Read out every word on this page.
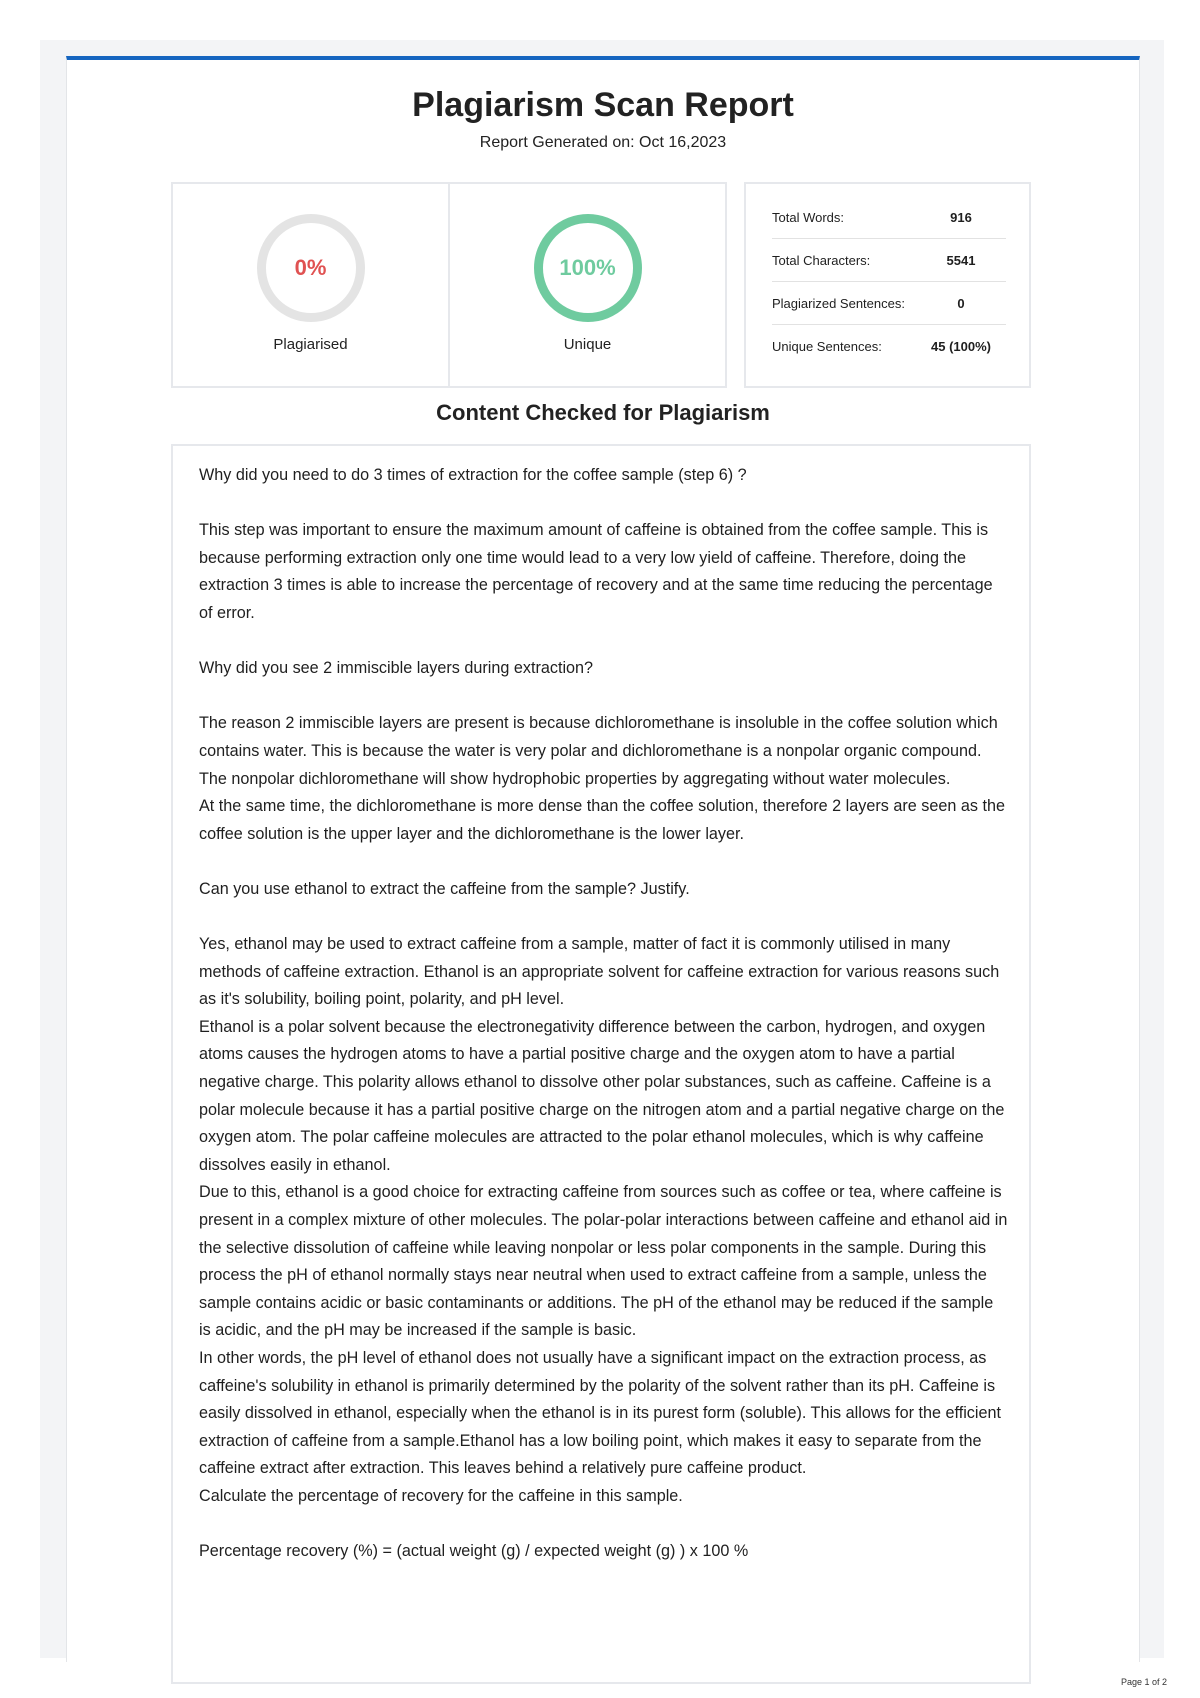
Plagiarism Scan Report
Report Generated on: Oct 16,2023
0%
Plagiarised
100%
Unique
Total Words:	916
Total Characters:	5541
Plagiarized Sentences:	0
Unique Sentences:	45 (100%)
Content Checked for Plagiarism

Why did you need to do 3 times of extraction for the coffee sample (step 6) ?

This step was important to ensure the maximum amount of caffeine is obtained from the coffee sample. This is because performing extraction only one time would lead to a very low yield of caffeine. Therefore, doing the extraction 3 times is able to increase the percentage of recovery and at the same time reducing the percentage of error.

Why did you see 2 immiscible layers during extraction?

The reason 2 immiscible layers are present is because dichloromethane is insoluble in the coffee solution which contains water. This is because the water is very polar and dichloromethane is a nonpolar organic compound. The nonpolar dichloromethane will show hydrophobic properties by aggregating without water molecules.

At the same time, the dichloromethane is more dense than the coffee solution, therefore 2 layers are seen as the coffee solution is the upper layer and the dichloromethane is the lower layer.

Can you use ethanol to extract the caffeine from the sample? Justify.

Yes, ethanol may be used to extract caffeine from a sample, matter of fact it is commonly utilised in many methods of caffeine extraction. Ethanol is an appropriate solvent for caffeine extraction for various reasons such as it's solubility, boiling point, polarity, and pH level.

Ethanol is a polar solvent because the electronegativity difference between the carbon, hydrogen, and oxygen atoms causes the hydrogen atoms to have a partial positive charge and the oxygen atom to have a partial negative charge. This polarity allows ethanol to dissolve other polar substances, such as caffeine. Caffeine is a polar molecule because it has a partial positive charge on the nitrogen atom and a partial negative charge on the oxygen atom. The polar caffeine molecules are attracted to the polar ethanol molecules, which is why caffeine dissolves easily in ethanol.

Due to this, ethanol is a good choice for extracting caffeine from sources such as coffee or tea, where caffeine is present in a complex mixture of other molecules. The polar-polar interactions between caffeine and ethanol aid in the selective dissolution of caffeine while leaving nonpolar or less polar components in the sample. During this process the pH of ethanol normally stays near neutral when used to extract caffeine from a sample, unless the sample contains acidic or basic contaminants or additions. The pH of the ethanol may be reduced if the sample is acidic, and the pH may be increased if the sample is basic.

In other words, the pH level of ethanol does not usually have a significant impact on the extraction process, as caffeine's solubility in ethanol is primarily determined by the polarity of the solvent rather than its pH. Caffeine is easily dissolved in ethanol, especially when the ethanol is in its purest form (soluble). This allows for the efficient extraction of caffeine from a sample.Ethanol has a low boiling point, which makes it easy to separate from the caffeine extract after extraction. This leaves behind a relatively pure caffeine product.

Calculate the percentage of recovery for the caffeine in this sample.

Percentage recovery (%) = (actual weight (g) / expected weight (g) ) x 100 %

Page 1 of 2
